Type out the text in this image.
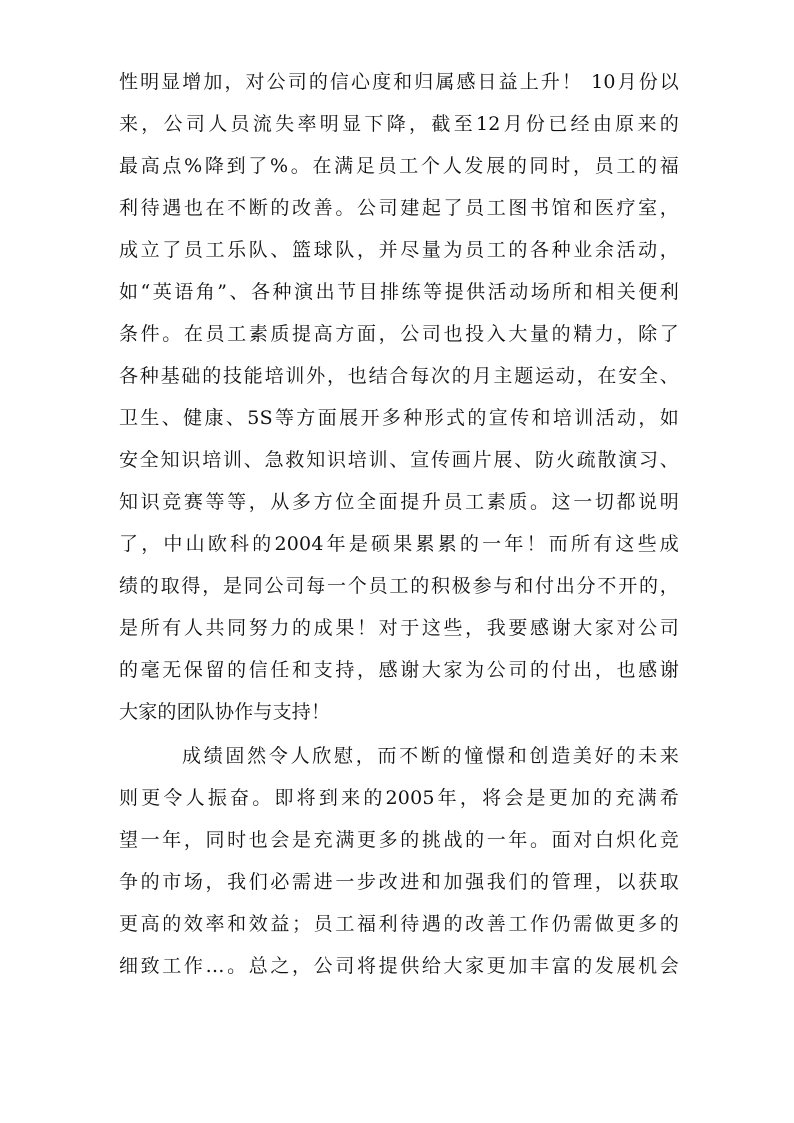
性明显增加，对公司的信心度和归属感日益上升！ 10月份以

来，公司人员流失率明显下降，截至12月份已经由原来的

最高点%降到了%。在满足员工个人发展的同时，员工的福

利待遇也在不断的改善。公司建起了员工图书馆和医疗室，

成立了员工乐队、篮球队，并尽量为员工的各种业余活动，

如“英语角”、各种演出节目排练等提供活动场所和相关便利

条件。在员工素质提高方面，公司也投入大量的精力，除了

各种基础的技能培训外，也结合每次的月主题运动，在安全、

卫生、健康、5S等方面展开多种形式的宣传和培训活动，如

安全知识培训、急救知识培训、宣传画片展、防火疏散演习、

知识竞赛等等，从多方位全面提升员工素质。这一切都说明

了，中山欧科的2004年是硕果累累的一年！而所有这些成

绩的取得，是同公司每一个员工的积极参与和付出分不开的，

是所有人共同努力的成果！对于这些，我要感谢大家对公司

的毫无保留的信任和支持，感谢大家为公司的付出，也感谢

大家的团队协作与支持！

成绩固然令人欣慰，而不断的憧憬和创造美好的未来

则更令人振奋。即将到来的2005年，将会是更加的充满希

望一年，同时也会是充满更多的挑战的一年。面对白炽化竞

争的市场，我们必需进一步改进和加强我们的管理，以获取

更高的效率和效益；员工福利待遇的改善工作仍需做更多的

细致工作…。总之，公司将提供给大家更加丰富的发展机会
